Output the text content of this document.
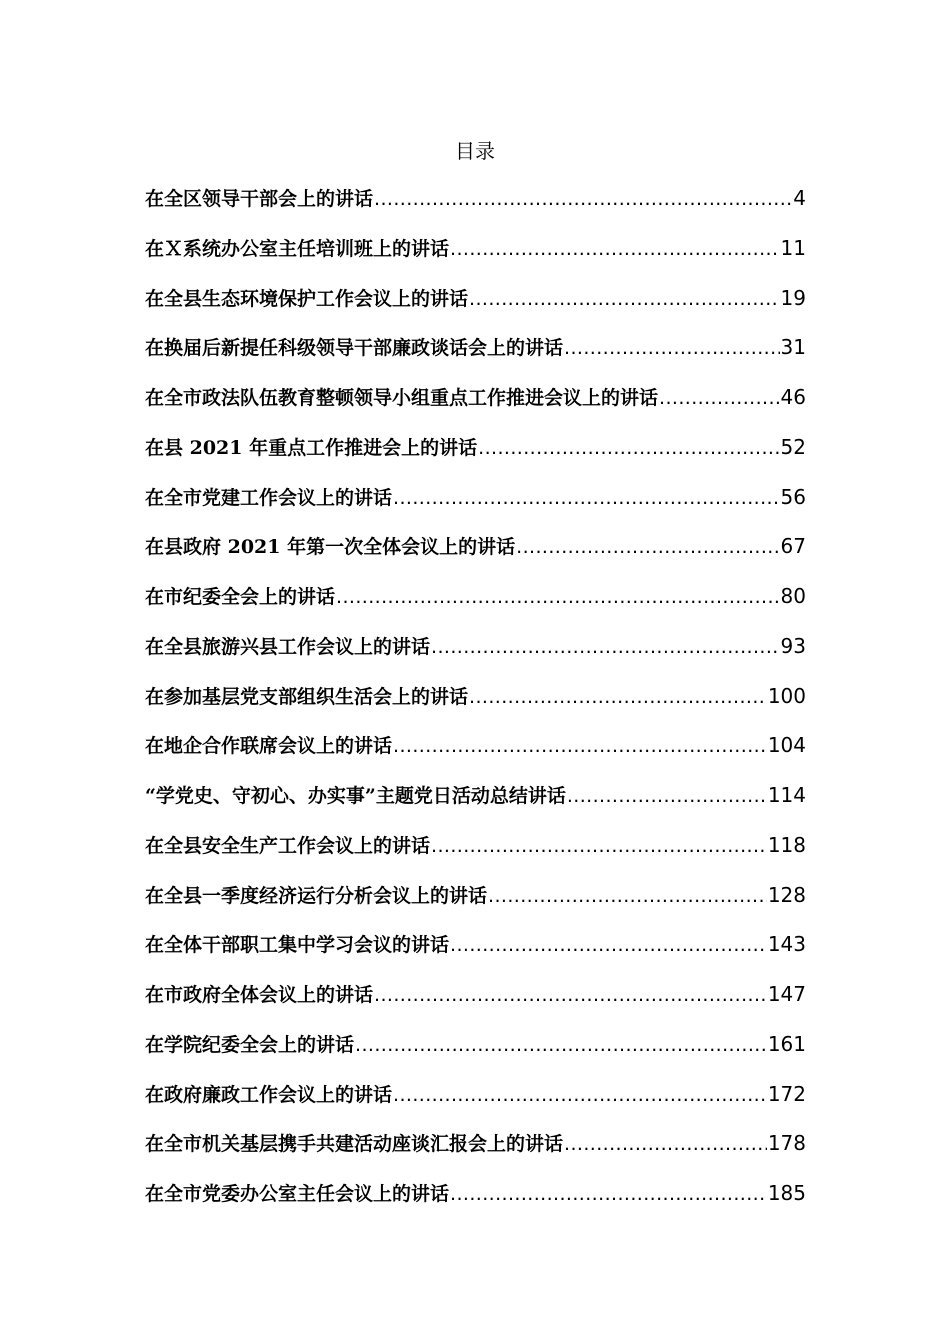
目录
在全区领导干部会上的讲话 .....	4
在Ｘ系统办公室主任培训班上的讲话 .....	11
在全县生态环境保护工作会议上的讲话 .....	19
在换届后新提任科级领导干部廉政谈话会上的讲话 .....	31
在全市政法队伍教育整顿领导小组重点工作推进会议上的讲话 .....	46
在县 2021 年重点工作推进会上的讲话 .....	52
在全市党建工作会议上的讲话 .....	56
在县政府 2021 年第一次全体会议上的讲话 .....	67
在市纪委全会上的讲话 .....	80
在全县旅游兴县工作会议上的讲话 .....	93
在参加基层党支部组织生活会上的讲话 .....	100
在地企合作联席会议上的讲话 .....	104
“学党史、守初心、办实事”主题党日活动总结讲话 .....	114
在全县安全生产工作会议上的讲话 .....	118
在全县一季度经济运行分析会议上的讲话 .....	128
在全体干部职工集中学习会议的讲话 .....	143
在市政府全体会议上的讲话 .....	147
在学院纪委全会上的讲话 .....	161
在政府廉政工作会议上的讲话 .....	172
在全市机关基层携手共建活动座谈汇报会上的讲话 .....	178
在全市党委办公室主任会议上的讲话 .....	185
